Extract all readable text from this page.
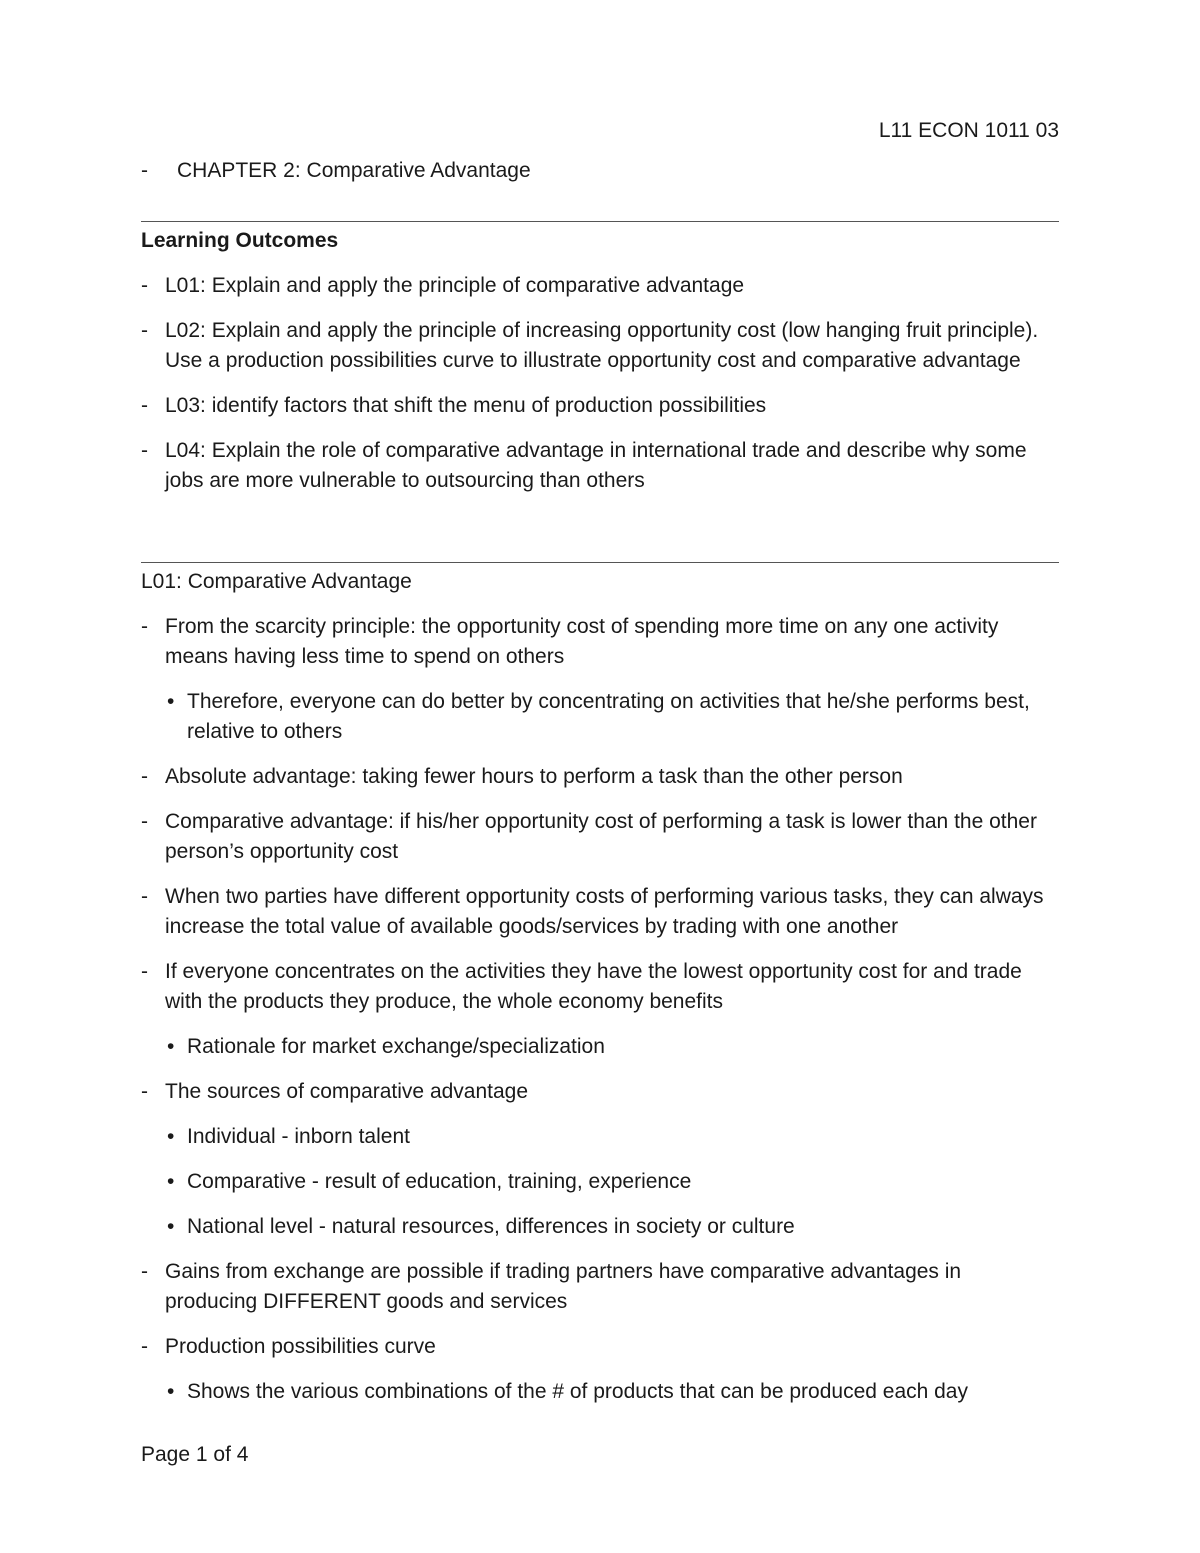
L11 ECON 1011 03
- CHAPTER 2: Comparative Advantage
Learning Outcomes
- L01: Explain and apply the principle of comparative advantage
- L02: Explain and apply the principle of increasing opportunity cost (low hanging fruit principle). Use a production possibilities curve to illustrate opportunity cost and comparative advantage
- L03: identify factors that shift the menu of production possibilities
- L04: Explain the role of comparative advantage in international trade and describe why some jobs are more vulnerable to outsourcing than others
L01: Comparative Advantage
- From the scarcity principle: the opportunity cost of spending more time on any one activity means having less time to spend on others
• Therefore, everyone can do better by concentrating on activities that he/she performs best, relative to others
- Absolute advantage: taking fewer hours to perform a task than the other person
- Comparative advantage: if his/her opportunity cost of performing a task is lower than the other person’s opportunity cost
- When two parties have different opportunity costs of performing various tasks, they can always increase the total value of available goods/services by trading with one another
- If everyone concentrates on the activities they have the lowest opportunity cost for and trade with the products they produce, the whole economy benefits
• Rationale for market exchange/specialization
- The sources of comparative advantage
• Individual - inborn talent
• Comparative - result of education, training, experience
• National level - natural resources, differences in society or culture
- Gains from exchange are possible if trading partners have comparative advantages in producing DIFFERENT goods and services
- Production possibilities curve
• Shows the various combinations of the # of products that can be produced each day
Page 1 of 4
